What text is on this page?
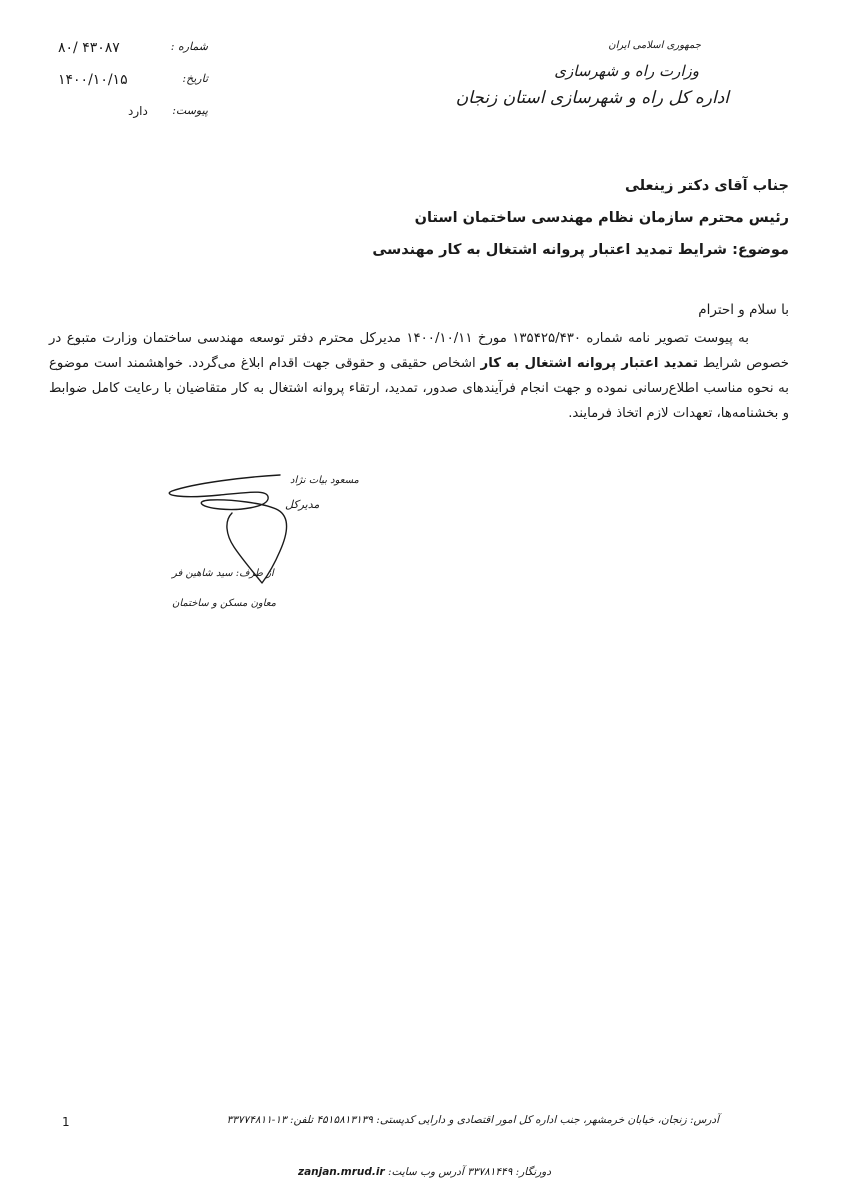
۸۰/ ۴۳۰۸۷	شماره :
۱۴۰۰/۱۰/۱۵	تاریخ:
دارد پیوست:
جمهوری اسلامی ایران
وزارت راه و شهرسازی
اداره کل راه و شهرسازی استان زنجان
جناب آقای دکتر زینعلی
رئیس محترم سازمان نظام مهندسی ساختمان استان
موضوع: شرایط تمدید اعتبار پروانه اشتغال به کار مهندسی
با سلام و احترام
به پیوست تصویر نامه شماره ۱۳۵۴۲۵/۴۳۰ مورخ ۱۴۰۰/۱۰/۱۱ مدیرکل محترم دفتر توسعه مهندسی ساختمان وزارت متبوع در خصوص شرایط تمدید اعتبار پروانه اشتغال به کار اشخاص حقیقی و حقوقی جهت اقدام ابلاغ می‌گردد. خواهشمند است موضوع به نحوه مناسب اطلاع‌رسانی نموده و جهت انجام فرآیندهای صدور، تمدید، ارتقاء پروانه اشتغال به کار متقاضیان با رعایت کامل ضوابط و بخشنامه‌ها، تعهدات لازم اتخاذ فرمایند.
مسعود بیات نژاد
مدیرکل
از طرف: سید شاهین فر
معاون مسکن و ساختمان
1	آدرس: زنجان، خیابان خرمشهر، جنب اداره کل امور اقتصادی و دارایی کدپستی: ۴۵۱۵۸۱۳۱۳۹ تلفن: ۱۳-۳۳۷۷۴۸۱۱
دورنگار: ۳۳۷۸۱۴۴۹ آدرس وب سایت: zanjan.mrud.ir
